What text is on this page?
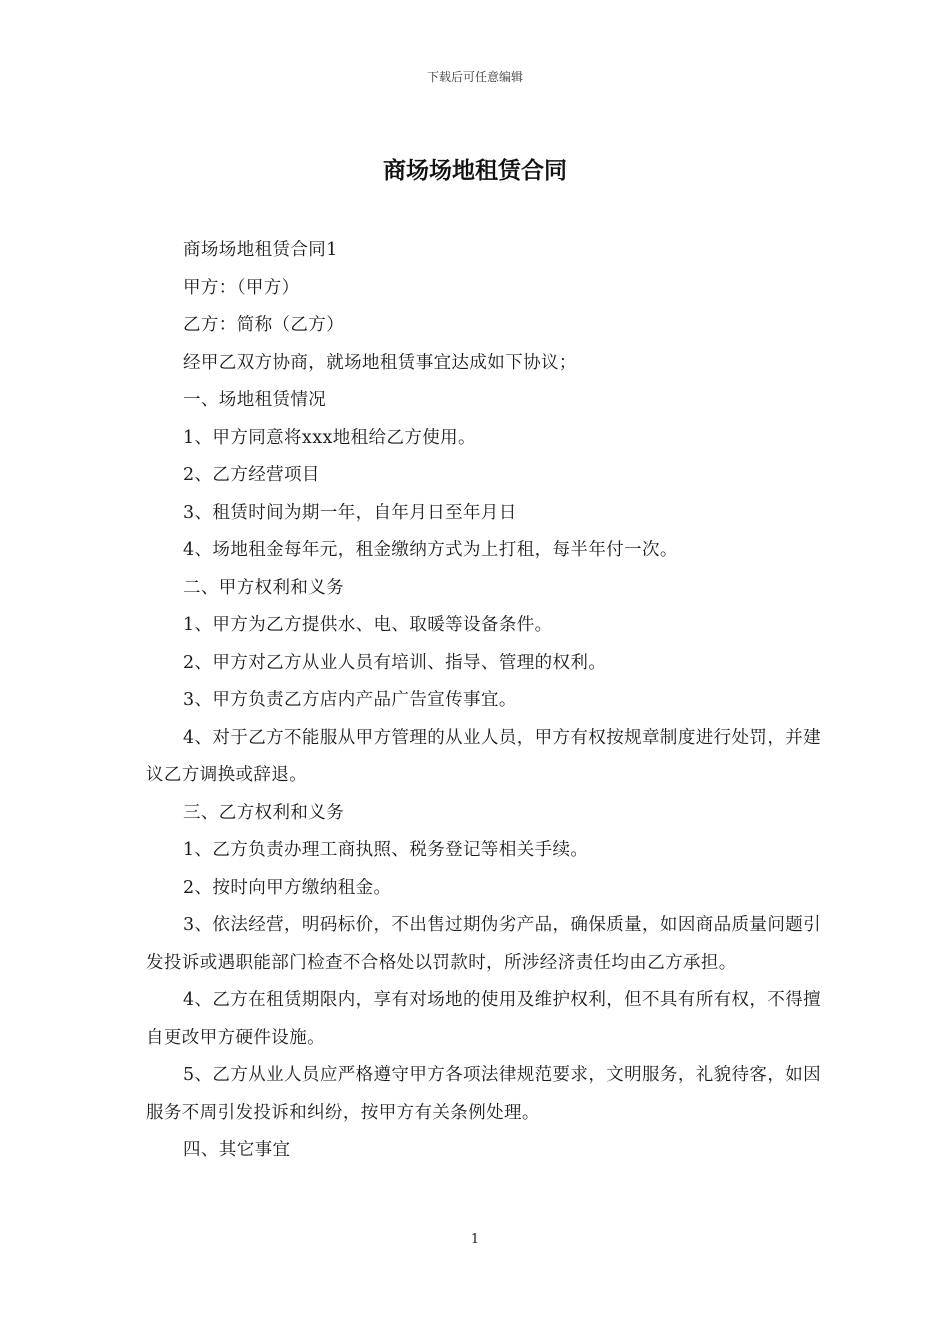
下载后可任意编辑
商场场地租赁合同

商场场地租赁合同1

甲方：（甲方）

乙方：简称（乙方）

经甲乙双方协商，就场地租赁事宜达成如下协议；

一、场地租赁情况

1、甲方同意将xxx地租给乙方使用。

2、乙方经营项目

3、租赁时间为期一年，自年月日至年月日

4、场地租金每年元，租金缴纳方式为上打租，每半年付一次。

二、甲方权利和义务

1、甲方为乙方提供水、电、取暖等设备条件。

2、甲方对乙方从业人员有培训、指导、管理的权利。

3、甲方负责乙方店内产品广告宣传事宜。

4、对于乙方不能服从甲方管理的从业人员，甲方有权按规章制度进行处罚，并建议乙方调换或辞退。

三、乙方权利和义务

1、乙方负责办理工商执照、税务登记等相关手续。

2、按时向甲方缴纳租金。

3、依法经营，明码标价，不出售过期伪劣产品，确保质量，如因商品质量问题引发投诉或遇职能部门检查不合格处以罚款时，所涉经济责任均由乙方承担。

4、乙方在租赁期限内，享有对场地的使用及维护权利，但不具有所有权，不得擅自更改甲方硬件设施。

5、乙方从业人员应严格遵守甲方各项法律规范要求，文明服务，礼貌待客，如因服务不周引发投诉和纠纷，按甲方有关条例处理。

四、其它事宜

1
